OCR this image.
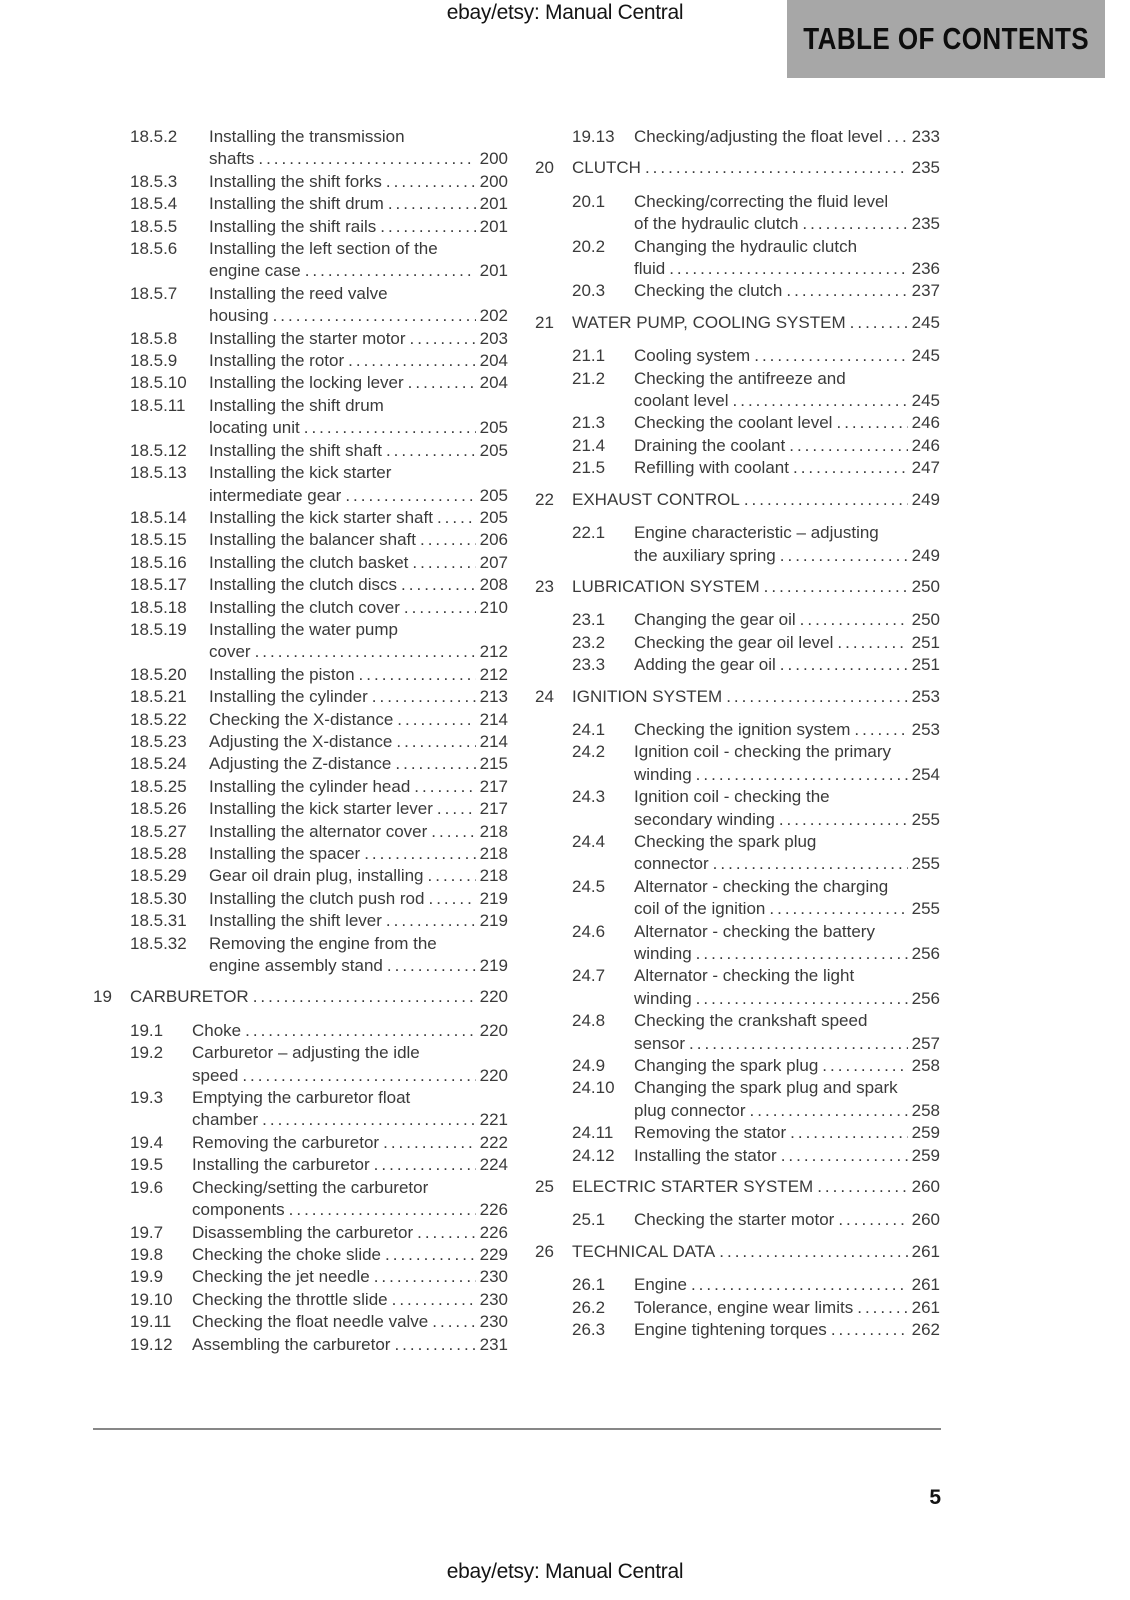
ebay/etsy: Manual Central
TABLE OF CONTENTS
18.5.2	Installing the transmission
shafts .....	200
18.5.3	Installing the shift forks .....	200
18.5.4	Installing the shift drum .....	201
18.5.5	Installing the shift rails .....	201
18.5.6	Installing the left section of the
engine case .....	201
18.5.7	Installing the reed valve
housing .....	202
18.5.8	Installing the starter motor .....	203
18.5.9	Installing the rotor .....	204
18.5.10	Installing the locking lever .....	204
18.5.11	Installing the shift drum
locating unit .....	205
18.5.12	Installing the shift shaft .....	205
18.5.13	Installing the kick starter
intermediate gear .....	205
18.5.14	Installing the kick starter shaft .....	205
18.5.15	Installing the balancer shaft .....	206
18.5.16	Installing the clutch basket .....	207
18.5.17	Installing the clutch discs .....	208
18.5.18	Installing the clutch cover .....	210
18.5.19	Installing the water pump
cover .....	212
18.5.20	Installing the piston .....	212
18.5.21	Installing the cylinder .....	213
18.5.22	Checking the X-distance .....	214
18.5.23	Adjusting the X-distance .....	214
18.5.24	Adjusting the Z-distance .....	215
18.5.25	Installing the cylinder head .....	217
18.5.26	Installing the kick starter lever .....	217
18.5.27	Installing the alternator cover .....	218
18.5.28	Installing the spacer .....	218
18.5.29	Gear oil drain plug, installing .....	218
18.5.30	Installing the clutch push rod .....	219
18.5.31	Installing the shift lever .....	219
18.5.32	Removing the engine from the
engine assembly stand .....	219
19	CARBURETOR .....	220
19.1	Choke .....	220
19.2	Carburetor – adjusting the idle
speed .....	220
19.3	Emptying the carburetor float
chamber .....	221
19.4	Removing the carburetor .....	222
19.5	Installing the carburetor .....	224
19.6	Checking/setting the carburetor
components .....	226
19.7	Disassembling the carburetor .....	226
19.8	Checking the choke slide .....	229
19.9	Checking the jet needle .....	230
19.10	Checking the throttle slide .....	230
19.11	Checking the float needle valve .....	230
19.12	Assembling the carburetor .....	231
19.13	Checking/adjusting the float level ..... 233
20	CLUTCH .....	235
20.1	Checking/correcting the fluid level
of the hydraulic clutch .....	235
20.2	Changing the hydraulic clutch
fluid .....	236
20.3	Checking the clutch .....	237
21	WATER PUMP, COOLING SYSTEM .....	245
21.1	Cooling system .....	245
21.2	Checking the antifreeze and
coolant level .....	245
21.3	Checking the coolant level .....	246
21.4	Draining the coolant .....	246
21.5	Refilling with coolant .....	247
22	EXHAUST CONTROL .....	249
22.1	Engine characteristic – adjusting
the auxiliary spring .....	249
23	LUBRICATION SYSTEM .....	250
23.1	Changing the gear oil .....	250
23.2	Checking the gear oil level .....	251
23.3	Adding the gear oil .....	251
24	IGNITION SYSTEM .....	253
24.1	Checking the ignition system .....	253
24.2	Ignition coil - checking the primary
winding .....	254
24.3	Ignition coil - checking the
secondary winding .....	255
24.4	Checking the spark plug
connector .....	255
24.5	Alternator - checking the charging
coil of the ignition .....	255
24.6	Alternator - checking the battery
winding .....	256
24.7	Alternator - checking the light
winding .....	256
24.8	Checking the crankshaft speed
sensor .....	257
24.9	Changing the spark plug .....	258
24.10	Changing the spark plug and spark
plug connector .....	258
24.11	Removing the stator .....	259
24.12	Installing the stator .....	259
25	ELECTRIC STARTER SYSTEM .....	260
25.1	Checking the starter motor .....	260
26	TECHNICAL DATA .....	261
26.1	Engine .....	261
26.2	Tolerance, engine wear limits .....	261
26.3	Engine tightening torques .....	262
5
ebay/etsy: Manual Central
